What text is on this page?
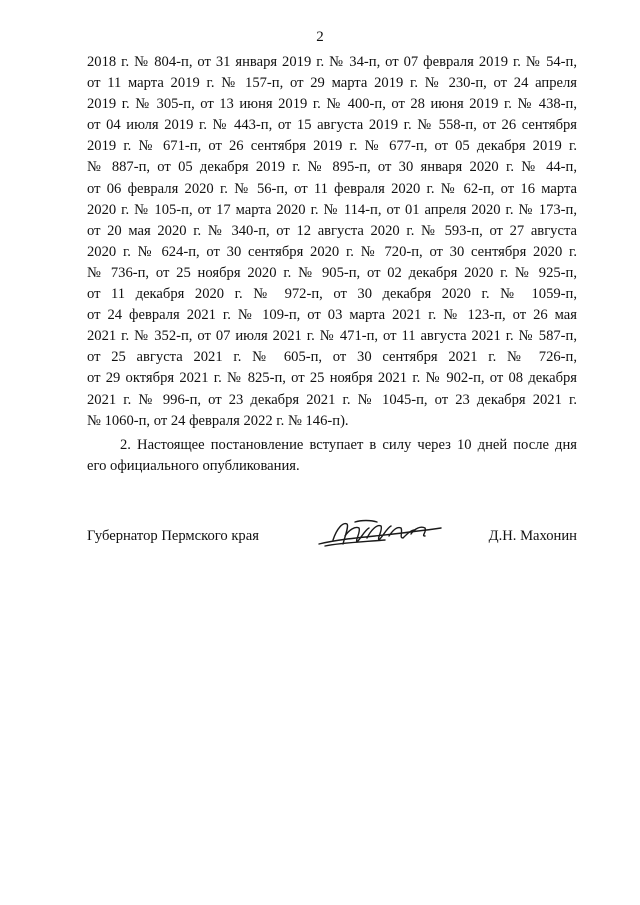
2
2018 г. № 804-п, от 31 января 2019 г. № 34-п, от 07 февраля 2019 г. № 54-п,
от 11 марта 2019 г. № 157-п, от 29 марта 2019 г. № 230-п, от 24 апреля
2019 г. № 305-п, от 13 июня 2019 г. № 400-п, от 28 июня 2019 г. № 438-п,
от 04 июля 2019 г. № 443-п, от 15 августа 2019 г. № 558-п, от 26 сентября
2019 г. № 671-п, от 26 сентября 2019 г. № 677-п, от 05 декабря 2019 г.
№ 887-п, от 05 декабря 2019 г. № 895-п, от 30 января 2020 г. № 44-п,
от 06 февраля 2020 г. № 56-п, от 11 февраля 2020 г. № 62-п, от 16 марта
2020 г. № 105-п, от 17 марта 2020 г. № 114-п, от 01 апреля 2020 г. № 173-п,
от 20 мая 2020 г. № 340-п, от 12 августа 2020 г. № 593-п, от 27 августа
2020 г. № 624-п, от 30 сентября 2020 г. № 720-п, от 30 сентября 2020 г.
№ 736-п, от 25 ноября 2020 г. № 905-п, от 02 декабря 2020 г. № 925-п,
от 11 декабря 2020 г. № 972-п, от 30 декабря 2020 г. № 1059-п,
от 24 февраля 2021 г. № 109-п, от 03 марта 2021 г. № 123-п, от 26 мая
2021 г. № 352-п, от 07 июля 2021 г. № 471-п, от 11 августа 2021 г. № 587-п,
от 25 августа 2021 г. № 605-п, от 30 сентября 2021 г. № 726-п,
от 29 октября 2021 г. № 825-п, от 25 ноября 2021 г. № 902-п, от 08 декабря
2021 г. № 996-п, от 23 декабря 2021 г. № 1045-п, от 23 декабря 2021 г.
№ 1060-п, от 24 февраля 2022 г. № 146-п).
2. Настоящее постановление вступает в силу через 10 дней после дня
его официального опубликования.
Губернатор Пермского края	Д.Н. Махонин
